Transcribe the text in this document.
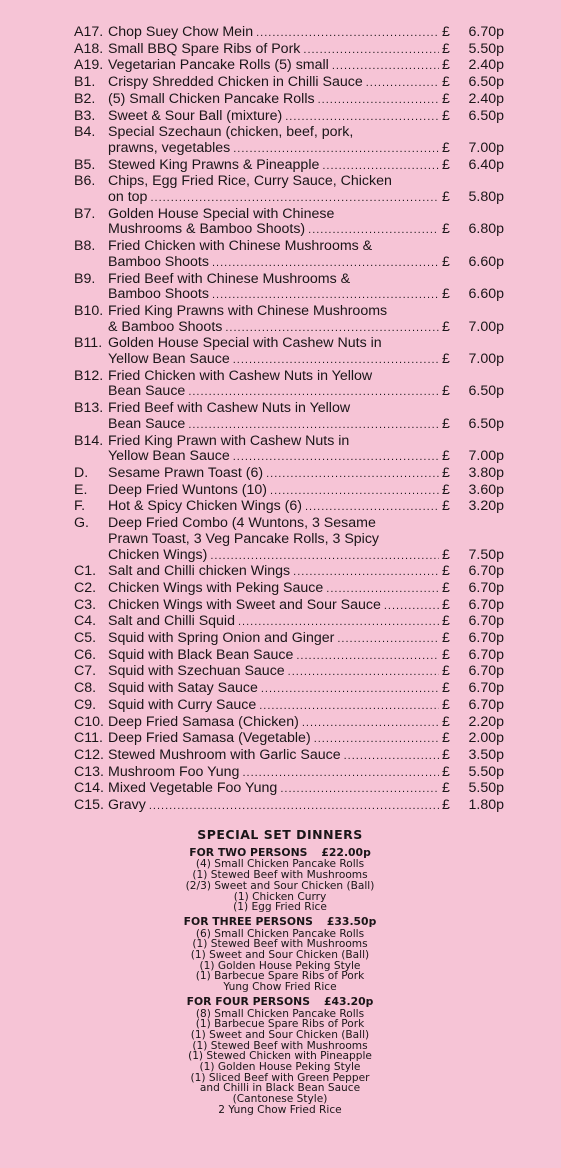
A17. Chop Suey Chow Mein .....	£ 6.70p
A18. Small BBQ Spare Ribs of Pork .....	£ 5.50p
A19. Vegetarian Pancake Rolls (5) small .....	£ 2.40p
B1. Crispy Shredded Chicken in Chilli Sauce .....	£ 6.50p
B2. (5) Small Chicken Pancake Rolls .....	£ 2.40p
B3. Sweet & Sour Ball (mixture) .....	£ 6.50p
B4. Special Szechaun (chicken, beef, pork,
prawns, vegetables .....	£ 7.00p
B5. Stewed King Prawns & Pineapple .....	£ 6.40p
B6. Chips, Egg Fried Rice, Curry Sauce, Chicken
on top .....	£ 5.80p
B7. Golden House Special with Chinese
Mushrooms & Bamboo Shoots) .....	£ 6.80p
B8. Fried Chicken with Chinese Mushrooms &
Bamboo Shoots .....	£ 6.60p
B9. Fried Beef with Chinese Mushrooms &
Bamboo Shoots .....	£ 6.60p
B10. Fried King Prawns with Chinese Mushrooms
& Bamboo Shoots .....	£ 7.00p
B11. Golden House Special with Cashew Nuts in
Yellow Bean Sauce .....	£ 7.00p
B12. Fried Chicken with Cashew Nuts in Yellow
Bean Sauce .....	£ 6.50p
B13. Fried Beef with Cashew Nuts in Yellow
Bean Sauce .....	£ 6.50p
B14. Fried King Prawn with Cashew Nuts in
Yellow Bean Sauce .....	£ 7.00p
D.	Sesame Prawn Toast (6) .....	£ 3.80p
E.	Deep Fried Wuntons (10) .....	£ 3.60p
F.	Hot & Spicy Chicken Wings (6) .....	£ 3.20p
G.	Deep Fried Combo (4 Wuntons, 3 Sesame
Prawn Toast, 3 Veg Pancake Rolls, 3 Spicy
Chicken Wings) .....	£ 7.50p
C1. Salt and Chilli chicken Wings .....	£ 6.70p
C2. Chicken Wings with Peking Sauce .....	£ 6.70p
C3. Chicken Wings with Sweet and Sour Sauce .....	£ 6.70p
C4. Salt and Chilli Squid .....	£ 6.70p
C5. Squid with Spring Onion and Ginger .....	£ 6.70p
C6. Squid with Black Bean Sauce .....	£ 6.70p
C7. Squid with Szechuan Sauce .....	£ 6.70p
C8. Squid with Satay Sauce .....	£ 6.70p
C9. Squid with Curry Sauce .....	£ 6.70p
C10. Deep Fried Samasa (Chicken) .....	£ 2.20p
C11. Deep Fried Samasa (Vegetable) .....	£ 2.00p
C12. Stewed Mushroom with Garlic Sauce .....	£ 3.50p
C13. Mushroom Foo Yung .....	£ 5.50p
C14. Mixed Vegetable Foo Yung .....	£ 5.50p
C15. Gravy .....	£ 1.80p
SPECIAL SET DINNERS
FOR TWO PERSONS £22.00p
(4) Small Chicken Pancake Rolls
(1) Stewed Beef with Mushrooms
(2/3) Sweet and Sour Chicken (Ball)
(1) Chicken Curry
(1) Egg Fried Rice
FOR THREE PERSONS £33.50p
(6) Small Chicken Pancake Rolls
(1) Stewed Beef with Mushrooms
(1) Sweet and Sour Chicken (Ball)
(1) Golden House Peking Style
(1) Barbecue Spare Ribs of Pork
Yung Chow Fried Rice
FOR FOUR PERSONS £43.20p
(8) Small Chicken Pancake Rolls
(1) Barbecue Spare Ribs of Pork
(1) Sweet and Sour Chicken (Ball)
(1) Stewed Beef with Mushrooms
(1) Stewed Chicken with Pineapple
(1) Golden House Peking Style
(1) Sliced Beef with Green Pepper
and Chilli in Black Bean Sauce
(Cantonese Style)
2 Yung Chow Fried Rice
